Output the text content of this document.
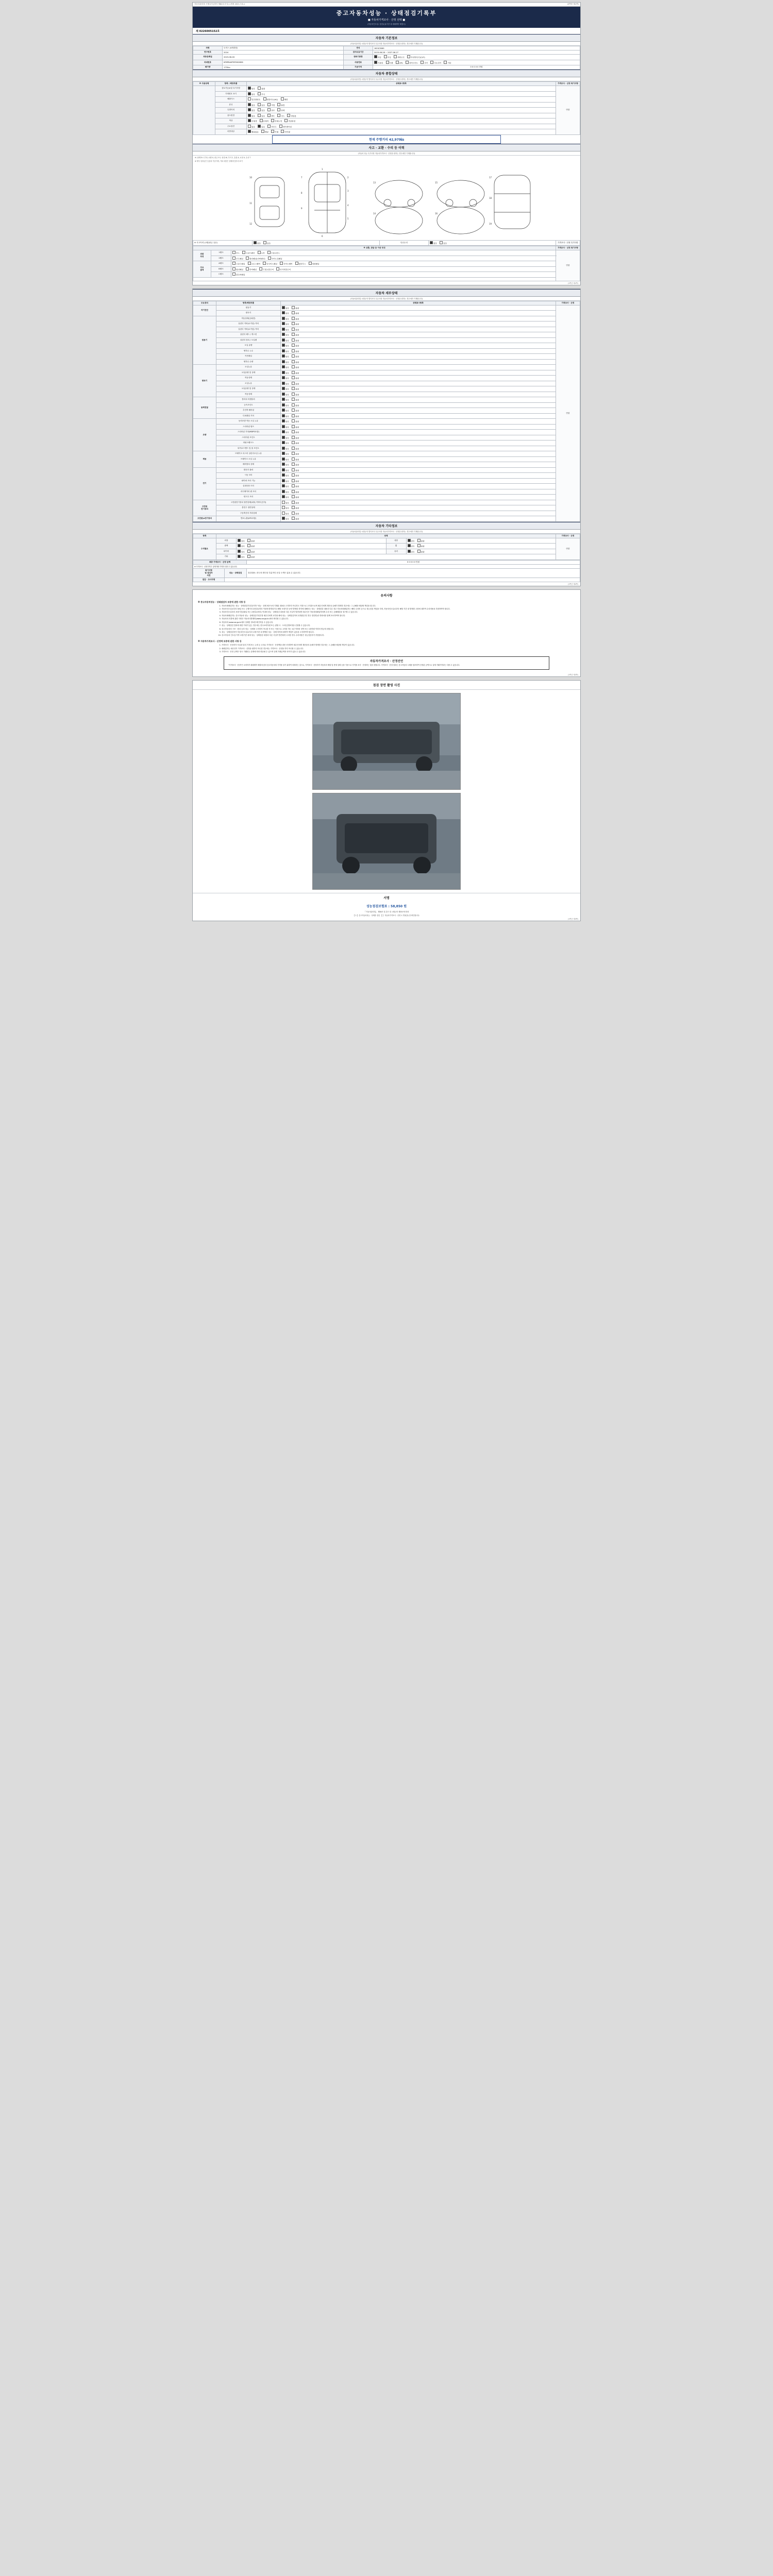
자동차관리법 시행규칙 [별지 제82호서식] <개정 2021.7.6.>	(3쪽중 제1쪽)
중고자동차성능 · 상태점검기록부
■ 자동차가격조사 · 산정 선택 ■
(자동차인도일: 점검유효기간 내 매매계약 체결시)
제 0226005152호
자동차 기본정보
(자동차관리법 시행규칙 별지서식 특수사항 자동차가격조사 · 산정을 원하는 경우에만 기재합니다)
차명	토비스 (4세대형)	연식	1619/3069
연구번호	2024	검사유효기간	2023-06-28 ~ 2027-06-27
최초등록일	2023-06-28	변속기종류	자동 수동 세미오토 무단변속기(CVT)
차대번호	KFBPKA6TIRF062696	사용연료	가솔린 디젤 LPG 하이브리드 전기 수소전기 기타
배기량	1750cc	기준가격	0 0 0 0 0 만원
자동차 종합상태
(자동차관리법 시행규칙 별지서식 특수사항 자동차가격조사 · 산정을 원하는 경우에만 기재합니다)
※ 사용상태	항목 / 해당부품	상태표시항목	가격조사 · 산정 특기사항
	검토가능\n및 특기사항	양호 불량	안함
	기재변호 표기	양호 부식	
	배출가스	일산화탄소 탄화수소(HC) 매연	
	튜닝	없음 있음 적법 불법	
	특별이력	없음 있음 침수 화재	
	용도변경	없음 있음 렌트 리스 영업용	
	색상	무채색 유채색 전체도색 색상변경	
	주요옵션	없음 있음 썬루프 내비게이션	
	리콜대상	해당없음 해당 이행 미이행	
	현재 주행거리 42,979㎞	
사고 · 교환 · 수리 등 이력
(자동차 성능 특기사항 자동차가격조사 · 산정을 원하는 경우에만 기재합니다)
※ (상태표시 부호) 교환 X, 판금 또는 용접 W, 부식 C, 흠집 A, 요철 U, 손상 T
※ 하부 일부분은 승용차 기준이며, 기타 차종은 상태에 맞추어 표기
1
2
3
4
5
6
7
8
9
10
11
12
13
14
15
16
17
18
19
※ 사고이력 (교환/판금 유무)	없음	있음	단순수리	없음	있음	가격조사 · 산정 특기사항
※ 교환, 판금 등 이상 부위			가격조사 · 산정 특기사항
외판
부위	1랭크	후드 프론트펜더 도어 트렁크리드	안함
	2랭크	루프패널 쿼터패널(리어펜더) 사이드실패널	
주요
골격	A랭크	프론트패널 크로스멤버 인사이드패널 사이드멤버 휠하우스 대쉬패널	
	B랭크	필러패널 리어패널 트렁크플로어 러기지플로어	
	C랭크	플로어패널	

(3쪽중 제1쪽)
자동차 세부상태
(자동차관리법 시행규칙 별지서식 특수사항 자동차가격조사 · 산정을 원하는 경우에만 기재합니다)
주요장치	항목/해당부품	상태표시항목	가격조사 · 산정
자기진단	원동기	양호 불량	안함
	변속기	양호 불량	
원동기	작동상태(공회전)	양호 불량	
	실린더 커버(로커암) 커버	양호 불량	
	실린더 커버(로커암) 커버	양호 불량	
	실린더 헤드 / 개스킷	양호 불량	
	실린더 블록 / 오일팬	양호 불량	
	오일 유량	양호 불량	
	냉각수 누수	양호 불량	
	커먼레일	양호 불량	
	냉각수 수량	양호 불량	
변속기	오일누유	양호 불량	
	오일유량 및 상태	양호 불량	
	작동상태	양호 불량	
	오일누유	양호 불량	
	오일유량 및 상태	양호 불량	
	작동상태	양호 불량	
동력전달	클러치 어셈블리	양호 불량	
	등속조인트	양호 불량	
	추진축 베어링	양호 불량	
	디퍼렌셜 기어	양호 불량	
조향	동력조향 작동 오일 누유	양호 불량	
	스티어링 펌프	양호 불량	
	스티어링 기어(MDPS포함)	양호 불량	
	스티어링 조인트	양호 불량	
	파워크랭크스	양호 불량	
	타이로드엔드 및 볼 조인트	양호 불량	
제동	브레이크 마스터 실린더오일 누유	양호 불량	
	브레이크 오일 누유	양호 불량	
	배력장치 상태	양호 불량	
전기	발전기 출력	양호 불량	
	시동 모터	양호 불량	
	와이퍼 모터 기능	양호 불량	
	실내송풍 모터	양호 불량	
	라디에이터 팬 모터	양호 불량	
	윈도우 모터	양호 불량	
고전원
전기장치	고전원전기장치 절연상태(피복,커넥터,단자)	양호 불량	
	충전구 절연상태	양호 불량	
	구동축전지 격리상태	양호 불량	
고전원\n전기장치	연료누출(LPG포함)	양호 불량	
자동차 기타정보
(자동차관리법 시행규칙 별지서식 특수사항 자동차가격조사 · 산정을 원하는 경우에만 기재합니다)
항목	상태				가격조사 · 산정
수리필요	외장	양호 불량	내장	양호 불량	안함
	광택	양호 불량	휠	양호 불량	
	타이어	양호 불량	유리	양호 불량	
	기타	양호 불량			
최종 가격조사 · 산정 금액		0 0 0 0 0 만원
※ 가격조사 · 산정가격은 실제거래 가격과 다를 수 있습니다.		
특기사항
및 점검자
의견	성능 · 상태점검	점검내용 / 중고차 확인상 부분적인 문질 도색은 있을 수 있습니다.
점검 · 조사자명		
(3쪽중 제2쪽)
유의사항
※ 중고자동차성능 · 상태점검자 보증에 관한 사항 등
1. 자동차매매업자는 성능 · 상태점검기록부(이하 "성능 · 상태 체크")에 기재된 내용을 고지하지 아니하고 거짓으로 고지함으로써 매수인에게 재산상 손해가 발생한 경우에는 그 손해를 배상할 책임을 집니다.
2. 자동차인도일로부터 30일 또는 주행거리 2천킬로미터 이내에 발견되거나 해당 보장기간 동안 발생한 하자에 대해서는 성능 · 상태점검 내용과 다른 경우 자동차매매업자는 해당 수리비 등으로 성능점검 책임을 지며, 자동차인도일로부터 해당 기간 내 발생한 고장에 대하여 수리비용을 부담하여야 합니다.
3. 자동차인도일부터 보장기간(30일 또는 2천킬로미터) 이내에 성능 · 상태점검 내용과 다른 사실이 발견되면 매수인은 자동차매매업자에게 수리 또는 손해배상을 청구할 수 있습니다.
4. 자동차매매업자는 중고자동차 성능 · 상태점검기록부를 매수인에게 교부할 때에 성능 · 상태점검자의 성명(법인인 경우 법인명)과 연락처를 함께 표시하여야 합니다.
5. 자동차의 리콜에 관한 사항은 자동차리콜센터(www.car.go.kr)에서 확인할 수 있습니다.
6. 자동차의 www.car.go.kr에서 상세한 정보를 확인하실 수 있습니다.
7. 성능 · 상태점검 결과에 대한 이의가 있는 경우에는 한국소비자원 또는 관할 시 · 도에 분쟁조정을 신청할 수 있습니다.
8. 중고자동차의 구조 · 장치 등의 성능 · 상태를 고지하지 아니한 자 또는 거짓으로 고지한 자는 1년 이하의 징역 또는 1천만원 이하의 벌금에 처합니다.
9. 성능 · 상태점검자가 자동차인도일로부터 보장기간 내 발생한 성능 · 상태 하자에 대하여 책임이 있음을 고지하여야 합니다.
10. 중고자동차 인도일 이후 보장기간 내에 성능 · 상태점검 내용과 다른 사실이 발견되어 수리한 경우 수리비용은 성능점검자가 부담합니다.
※ 자동차가격조사 · 산정액 보증에 관한 사항 등
1. 가격조사 · 산정자가 사실과 달리 기재 또는 누락 등 고의로 가격조사 · 산정액을 잘못 산정하여 매수인에게 재산상의 손해가 발생한 경우에는 그 손해를 배상할 책임이 있습니다.
2. 매매업자는 매수인이 가격조사 · 산정을 원하지 아니한 경우에는 가격조사 · 산정을 하지 아니할 수 있습니다.
3. 가격조사 · 산정 금액은 당시 거래되는 관계에 따라 변동될 수 있으며 실제 거래금액과 차이가 있을 수 있습니다.
자동차가격조사 · 산정선언

"가격조사 · 산정"은 소비자가 매매계약 체결에 앞서 중고자동차의 가격을 알기 위하여 의뢰하는 것으로, 가격조사 · 산정자가 자동차의 제원 및 현재 상태 등을 기준으로 가격을 조사 · 산정하는 것을 말합니다. 가격조사 · 산정 결과는 중고자동차 시세를 참조하여 산정된 금액으로 실제 거래가격과는 다를 수 있습니다.

(3쪽중 제3쪽)
점검 장면 촬영 사진
서명
성능점검보험료 : 58,850 원
『 자동차관리법』 제58조 및 같은 법 시행규칙 제33조에 따라
【 1 】중고자동차성능 · 상태를 점검 【 】 자동차가격조사 · 산정 1 부를(을) 함 확인합니다.
(3쪽중 제3쪽)
